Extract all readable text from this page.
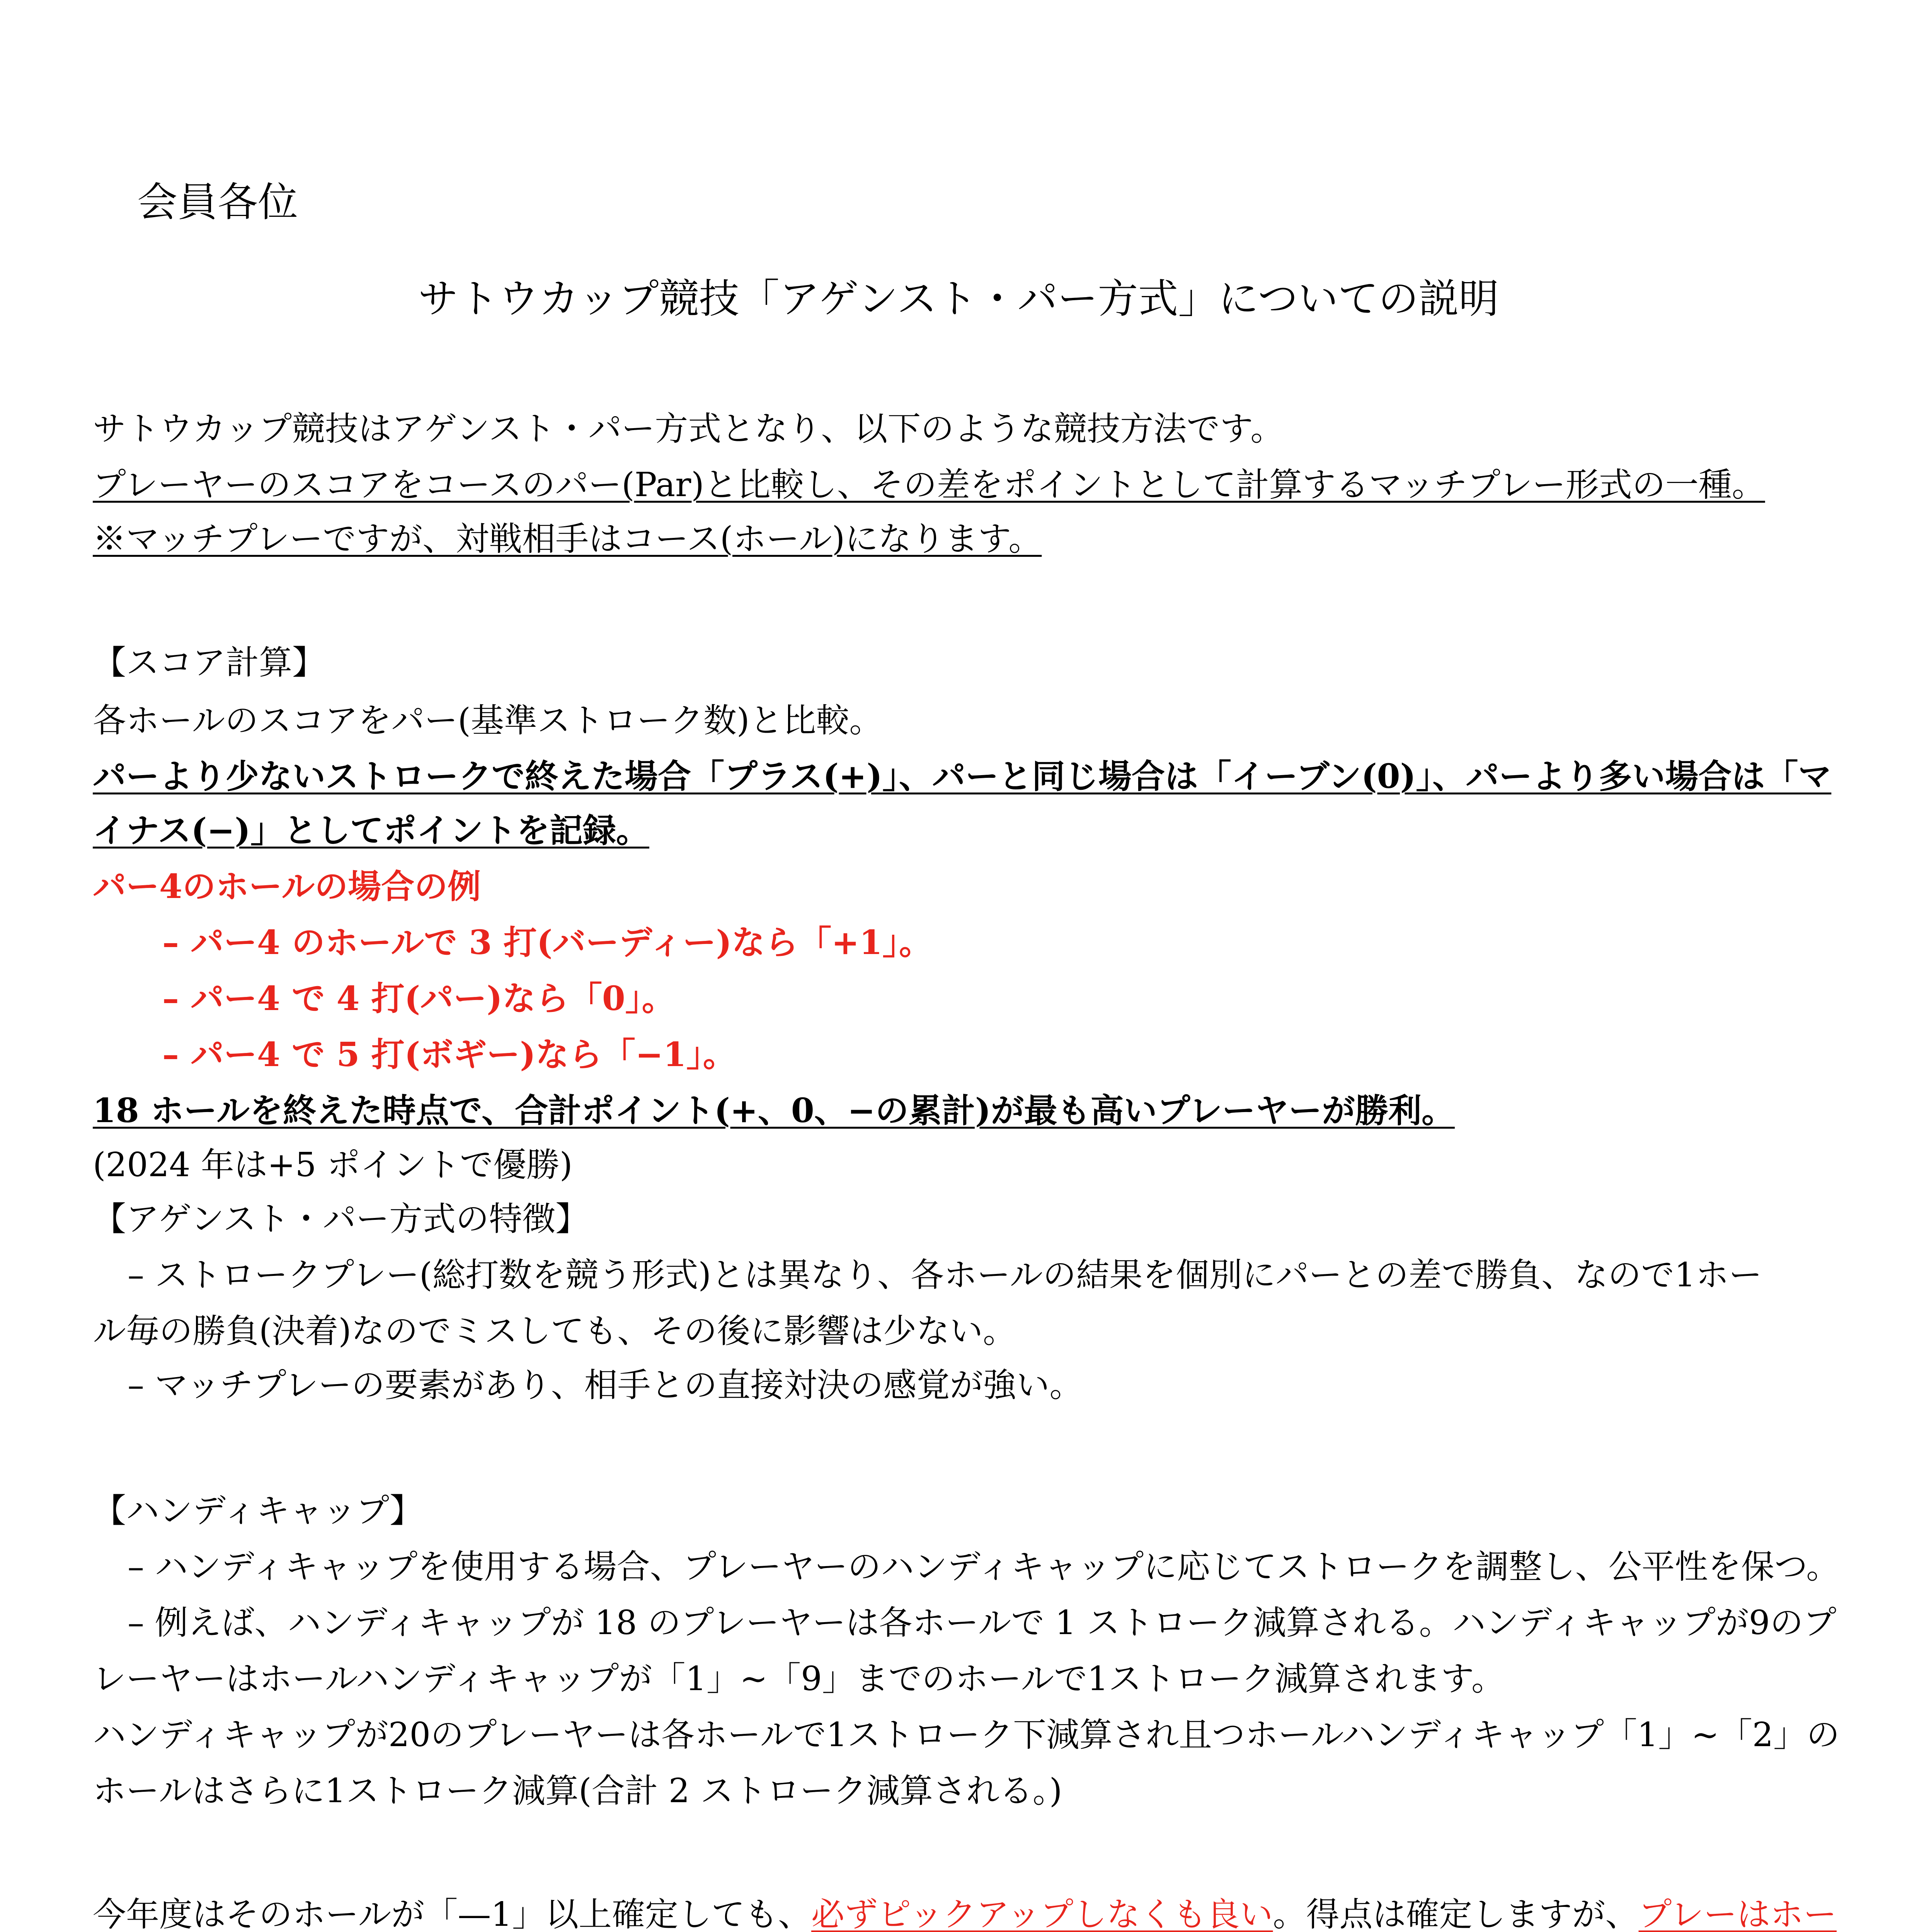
会員各位

サトウカップ競技「アゲンスト・パー方式」についての説明

サトウカップ競技はアゲンスト・パー方式となり、以下のような競技方法です。

プレーヤーのスコアをコースのパー(Par)と比較し、その差をポイントとして計算するマッチプレー形式の一種。

※マッチプレーですが、対戦相手はコース(ホール)になります。

【スコア計算】

各ホールのスコアをパー(基準ストローク数)と比較。

パーより少ないストロークで終えた場合「プラス(+)」、パーと同じ場合は「イーブン(0)」、パーより多い場合は「マ

イナス(−)」としてポイントを記録。

パー4のホールの場合の例

– パー4 のホールで 3 打(バーディー)なら「+1」。

– パー4 で 4 打(パー)なら「0」。

– パー4 で 5 打(ボギー)なら「−1」。

18 ホールを終えた時点で、合計ポイント(+、0、−の累計)が最も高いプレーヤーが勝利。

(2024 年は+5 ポイントで優勝)

【アゲンスト・パー方式の特徴】

– ストロークプレー(総打数を競う形式)とは異なり、各ホールの結果を個別にパーとの差で勝負、なので1ホー

ル毎の勝負(決着)なのでミスしても、その後に影響は少ない。

– マッチプレーの要素があり、相手との直接対決の感覚が強い。

【ハンディキャップ】

– ハンディキャップを使用する場合、プレーヤーのハンディキャップに応じてストロークを調整し、公平性を保つ。

– 例えば、ハンディキャップが 18 のプレーヤーは各ホールで 1 ストローク減算される。ハンディキャップが9のプ

レーヤーはホールハンディキャップが「1」~「9」までのホールで1ストローク減算されます。

ハンディキャップが20のプレーヤーは各ホールで1ストローク下減算され且つホールハンディキャップ「1」~「2」の

ホールはさらに1ストローク減算(合計 2 ストローク減算される。)

今年度はそのホールが「—1」以上確定しても、必ずピックアップしなくも良い。得点は確定しますが、プレーはホー
